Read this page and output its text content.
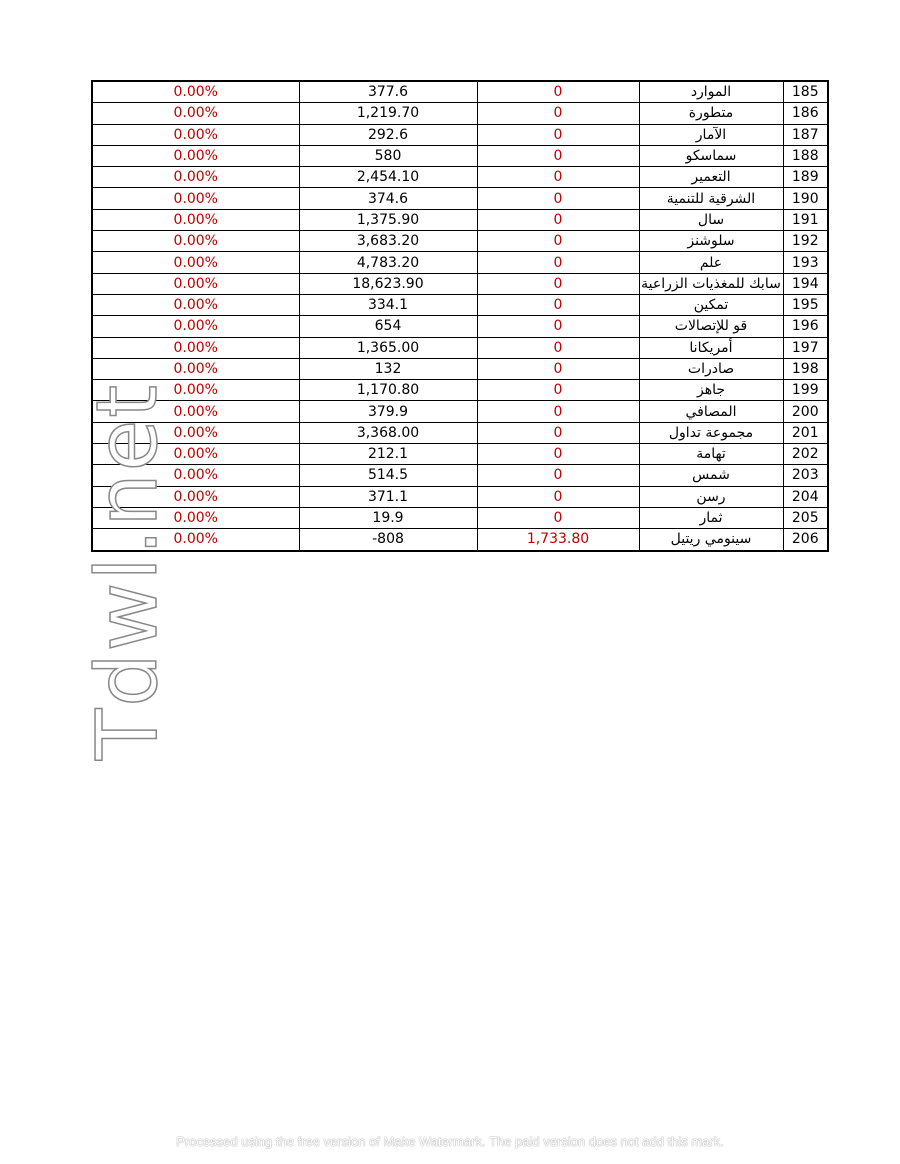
0.00%	377.6	0	الموارد	185
0.00%	1,219.70	0	متطورة	186
0.00%	292.6	0	الآمار	187
0.00%	580	0	سماسكو	188
0.00%	2,454.10	0	التعمير	189
0.00%	374.6	0	الشرقية للتنمية	190
0.00%	1,375.90	0	سال	191
0.00%	3,683.20	0	سلوشنز	192
0.00%	4,783.20	0	علم	193
0.00%	18,623.90	0	سابك للمغذيات الزراعية	194
0.00%	334.1	0	تمكين	195
0.00%	654	0	قو للإتصالات	196
0.00%	1,365.00	0	أمريكانا	197
0.00%	132	0	صادرات	198
0.00%	1,170.80	0	جاهز	199
0.00%	379.9	0	المصافي	200
0.00%	3,368.00	0	مجموعة تداول	201
0.00%	212.1	0	تهامة	202
0.00%	514.5	0	شمس	203
0.00%	371.1	0	رسن	204
0.00%	19.9	0	ثمار	205
0.00%	-808	1,733.80	سينومي ريتيل	206
Tdwl.net
Processed using the free version of Make Watermark. The paid version does not add this mark.
